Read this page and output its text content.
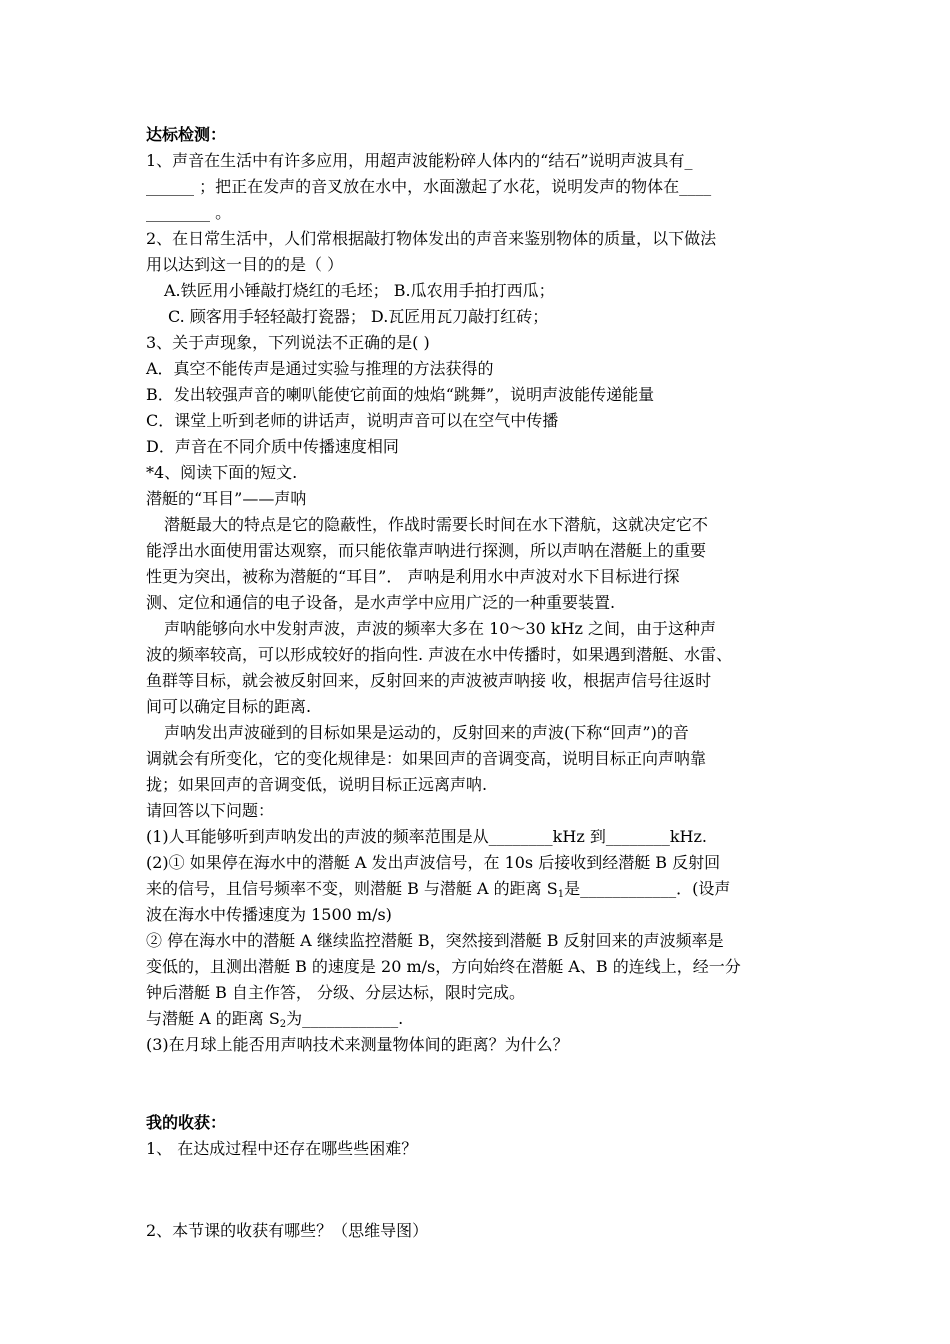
达标检测：
1、声音在生活中有许多应用，用超声波能粉碎人体内的“结石”说明声波具有_
______ ；把正在发声的音叉放在水中，水面激起了水花，说明发声的物体在____
________ 。
2、在日常生活中，人们常根据敲打物体发出的声音来鉴别物体的质量，以下做法
用以达到这一目的的是（ ）
A.铁匠用小锤敲打烧红的毛坯； B.瓜农用手拍打西瓜；
C. 顾客用手轻轻敲打瓷器； D.瓦匠用瓦刀敲打红砖；
3、关于声现象，下列说法不正确的是( )
A．真空不能传声是通过实验与推理的方法获得的
B．发出较强声音的喇叭能使它前面的烛焰“跳舞”，说明声波能传递能量
C．课堂上听到老师的讲话声，说明声音可以在空气中传播
D．声音在不同介质中传播速度相同
*4、阅读下面的短文.
潜艇的“耳目”——声呐
潜艇最大的特点是它的隐蔽性，作战时需要长时间在水下潜航，这就决定它不
能浮出水面使用雷达观察，而只能依靠声呐进行探测，所以声呐在潜艇上的重要
性更为突出，被称为潜艇的“耳目”． 声呐是利用水中声波对水下目标进行探
测、定位和通信的电子设备，是水声学中应用广泛的一种重要装置.
声呐能够向水中发射声波，声波的频率大多在 10～30 kHz 之间，由于这种声
波的频率较高，可以形成较好的指向性. 声波在水中传播时，如果遇到潜艇、水雷、
鱼群等目标，就会被反射回来，反射回来的声波被声呐接 收，根据声信号往返时
间可以确定目标的距离.
声呐发出声波碰到的目标如果是运动的，反射回来的声波(下称“回声”)的音
调就会有所变化，它的变化规律是：如果回声的音调变高，说明目标正向声呐靠
拢；如果回声的音调变低，说明目标正远离声呐.
请回答以下问题：
(1)人耳能够听到声呐发出的声波的频率范围是从________kHz 到________kHz.
(2)① 如果停在海水中的潜艇 A 发出声波信号，在 10s 后接收到经潜艇 B 反射回
来的信号，且信号频率不变，则潜艇 B 与潜艇 A 的距离 $S_1$是____________．(设声
波在海水中传播速度为 1500 m/s)
② 停在海水中的潜艇 A 继续监控潜艇 B，突然接到潜艇 B 反射回来的声波频率是
变低的，且测出潜艇 B 的速度是 20 m/s，方向始终在潜艇 A、B 的连线上，经一分
钟后潜艇 B 自主作答， 分级、分层达标，限时完成。
与潜艇 A 的距离 $S_2$为____________.
(3)在月球上能否用声呐技术来测量物体间的距离？为什么？
我的收获：
1、 在达成过程中还存在哪些些困难？
2、本节课的收获有哪些？（思维导图）
